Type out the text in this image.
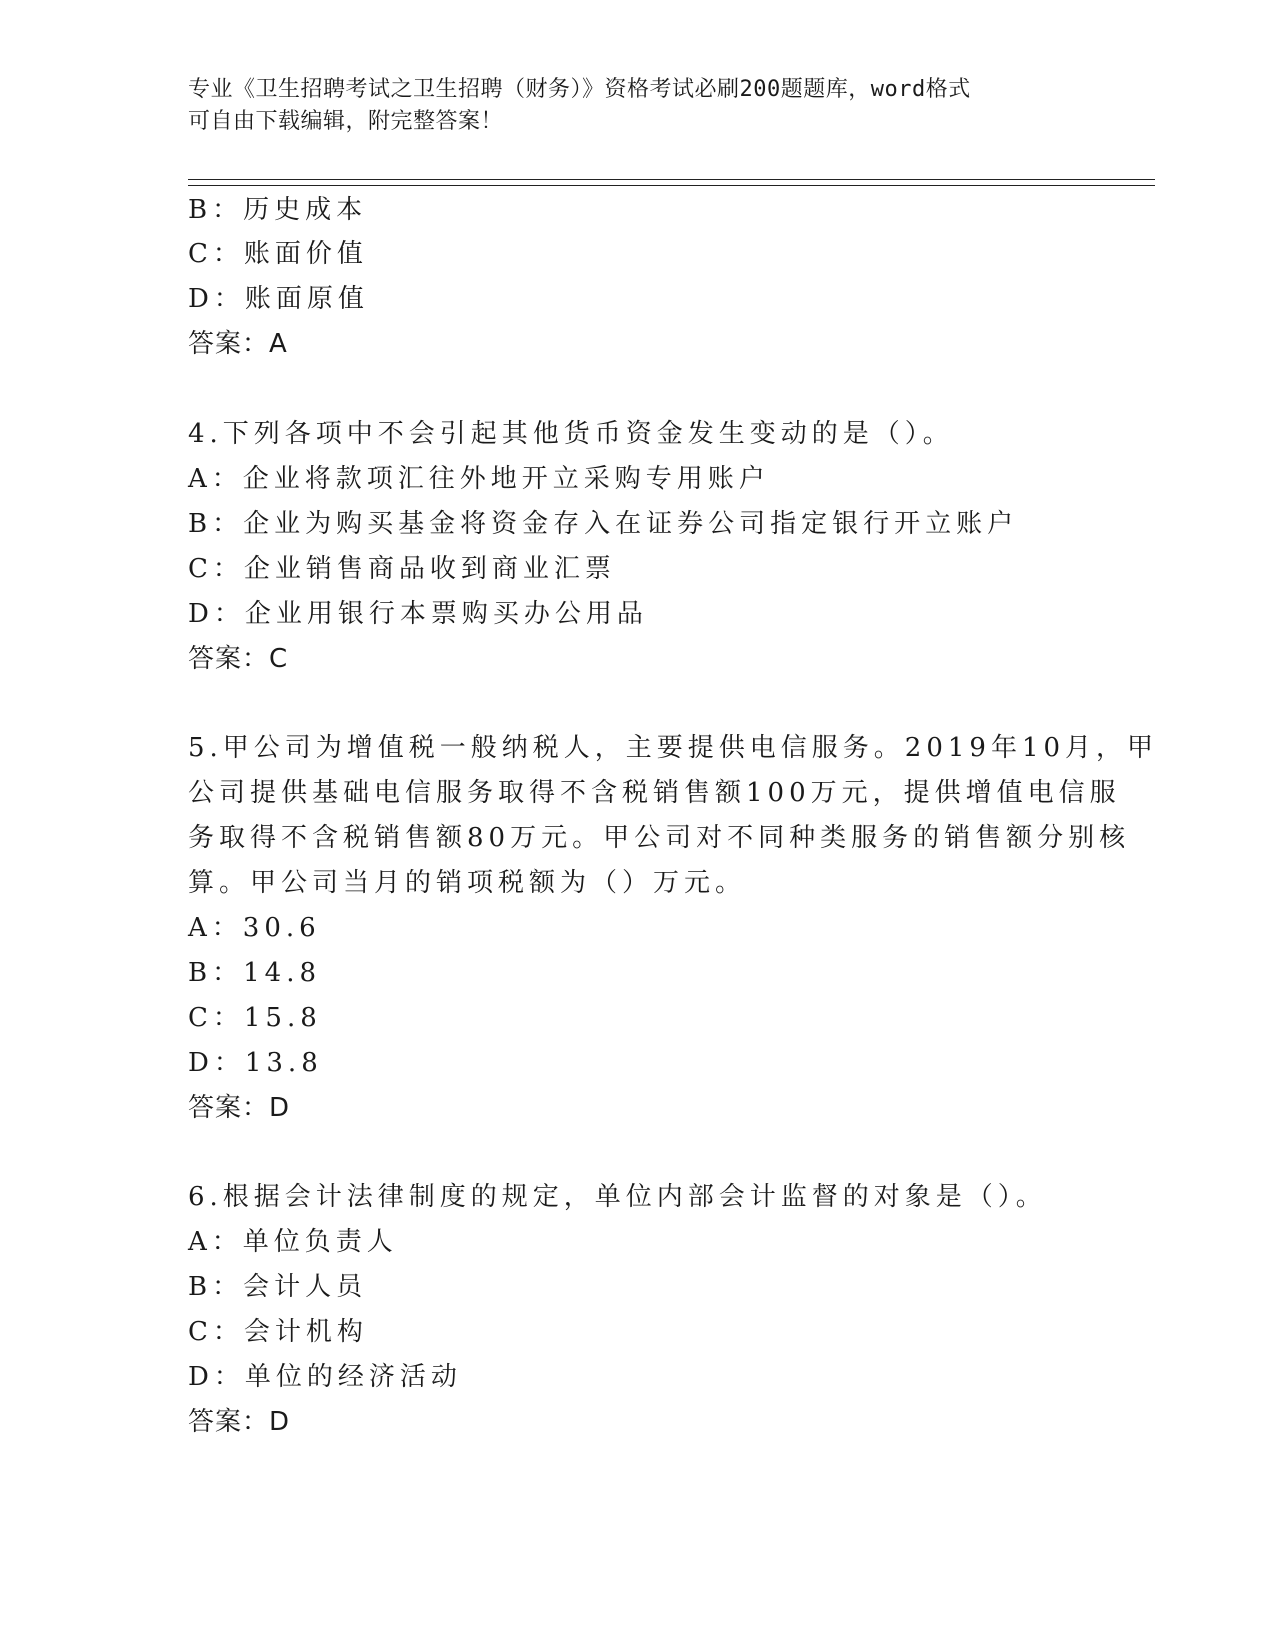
专业《卫生招聘考试之卫生招聘（财务）》资格考试必刷200题题库，word格式
可自由下载编辑，附完整答案！
B：历史成本
C：账面价值
D：账面原值
答案：A
4.下列各项中不会引起其他货币资金发生变动的是（）。
A：企业将款项汇往外地开立采购专用账户
B：企业为购买基金将资金存入在证券公司指定银行开立账户
C：企业销售商品收到商业汇票
D：企业用银行本票购买办公用品
答案：C
5.甲公司为增值税一般纳税人，主要提供电信服务。2019年10月，甲
公司提供基础电信服务取得不含税销售额100万元，提供增值电信服
务取得不含税销售额80万元。甲公司对不同种类服务的销售额分别核
算。甲公司当月的销项税额为（）万元。
A：30.6
B：14.8
C：15.8
D：13.8
答案：D
6.根据会计法律制度的规定，单位内部会计监督的对象是（）。
A：单位负责人
B：会计人员
C：会计机构
D：单位的经济活动
答案：D
